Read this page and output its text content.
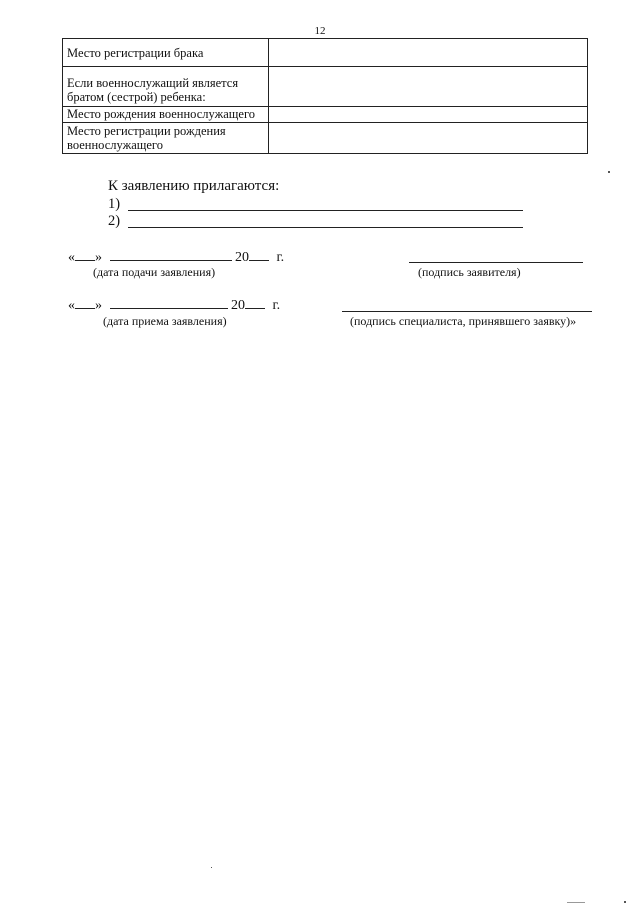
12
Место регистрации брака	
Если военнослужащий является братом (сестрой) ребенка:	
Место рождения военнослужащего	
Место регистрации рождения военнослужащего	
К заявлению прилагаются:
1)
2)
« »	20 г.
(дата подачи заявления)	(подпись заявителя)
« »	20 г.
(дата приема заявления)	(подпись специалиста, принявшего заявку)»
